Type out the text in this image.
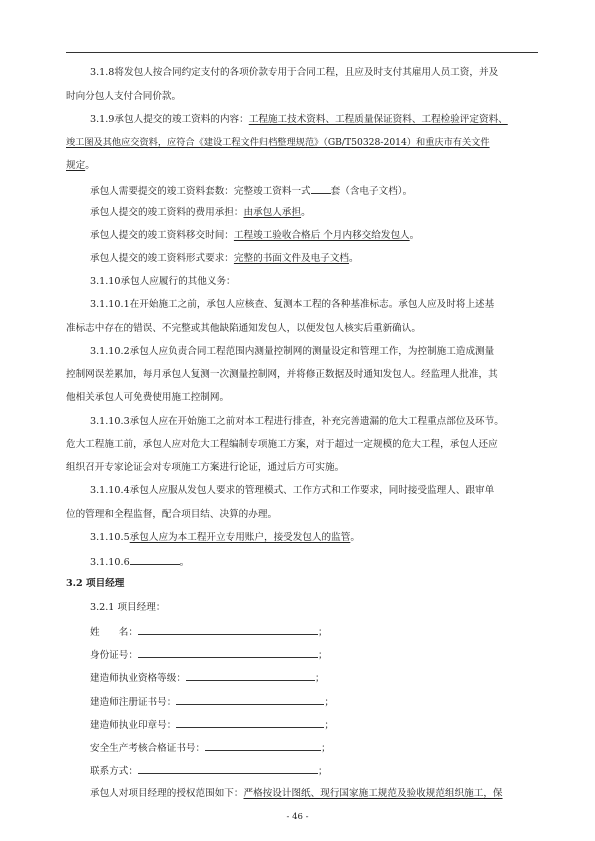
3.1.8将发包人按合同约定支付的各项价款专用于合同工程，且应及时支付其雇用人员工资，并及
时向分包人支付合同价款。
3.1.9承包人提交的竣工资料的内容：工程施工技术资料、工程质量保证资料、工程检验评定资料、
竣工图及其他应交资料，应符合《建设工程文件归档整理规范》（GB/T50328-2014）和重庆市有关文件
规定。
承包人需要提交的竣工资料套数：完整竣工资料一式 套（含电子文档）。
承包人提交的竣工资料的费用承担：由承包人承担。
承包人提交的竣工资料移交时间：工程竣工验收合格后 个月内移交给发包人。
承包人提交的竣工资料形式要求：完整的书面文件及电子文档。
3.1.10承包人应履行的其他义务：
3.1.10.1在开始施工之前，承包人应核查、复测本工程的各种基准标志。承包人应及时将上述基
准标志中存在的错误、不完整或其他缺陷通知发包人，以便发包人核实后重新确认。
3.1.10.2承包人应负责合同工程范围内测量控制网的测量设定和管理工作，为控制施工造成测量
控制网误差累加，每月承包人复测一次测量控制网，并将修正数据及时通知发包人。经监理人批准，其
他相关承包人可免费使用施工控制网。
3.1.10.3承包人应在开始施工之前对本工程进行排查，补充完善遗漏的危大工程重点部位及环节。
危大工程施工前，承包人应对危大工程编制专项施工方案，对于超过一定规模的危大工程，承包人还应
组织召开专家论证会对专项施工方案进行论证，通过后方可实施。
3.1.10.4承包人应服从发包人要求的管理模式、工作方式和工作要求，同时接受监理人、跟审单
位的管理和全程监督，配合项目结、决算的办理。
3.1.10.5承包人应为本工程开立专用账户，接受发包人的监管。
3.1.10.6	。
3.2 项目经理
3.2.1 项目经理：
姓　　名：	；
身份证号：	；
建造师执业资格等级：	；
建造师注册证书号：	；
建造师执业印章号：	；
安全生产考核合格证书号：	；
联系方式：	；
承包人对项目经理的授权范围如下：严格按设计图纸、现行国家施工规范及验收规范组织施工，保
- 46 -
